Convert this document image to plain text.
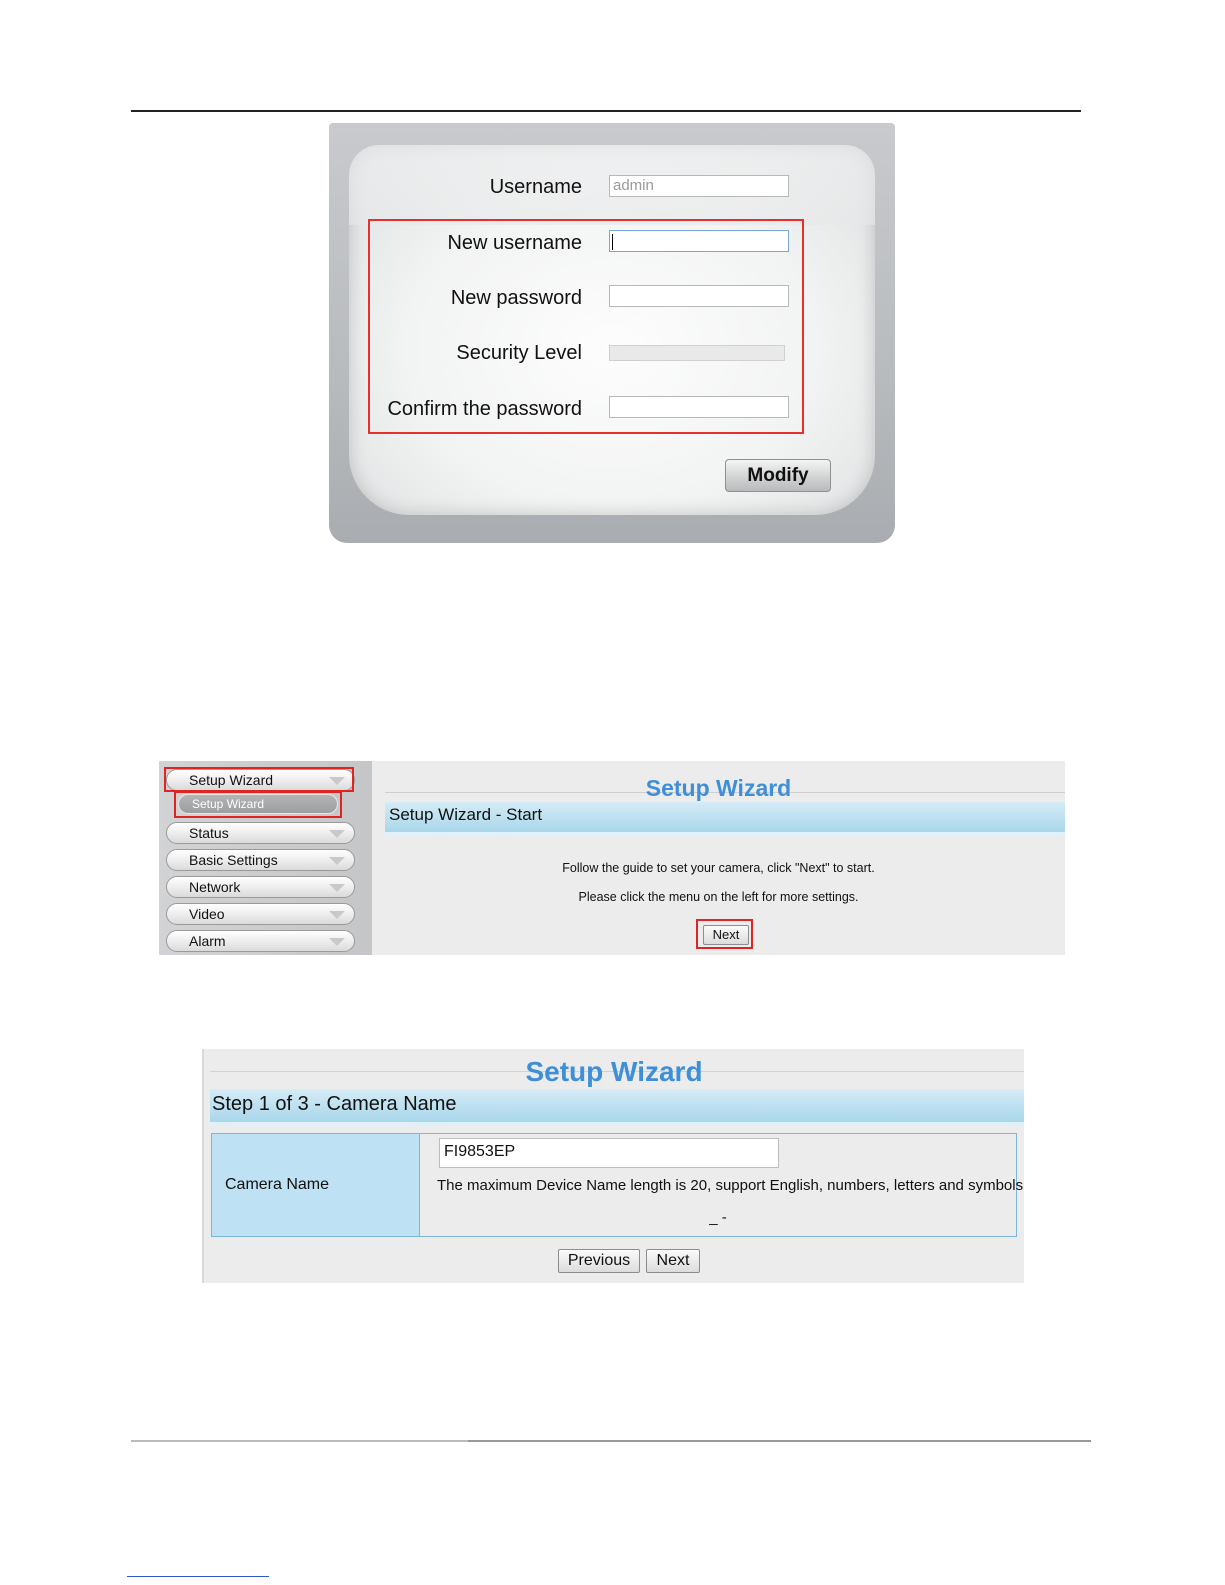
Username admin
New username
New password
Security Level
Confirm the password
Modify
Setup Wizard
Setup Wizard
Status
Basic Settings
Network
Video
Alarm
Setup Wizard
Setup Wizard - Start
Follow the guide to set your camera, click "Next" to start.
Please click the menu on the left for more settings.
Next
Setup Wizard
Step 1 of 3 - Camera Name
Camera Name
FI9853EP
The maximum Device Name length is 20, support English, numbers, letters and symbols
_ -
Previous	Next
